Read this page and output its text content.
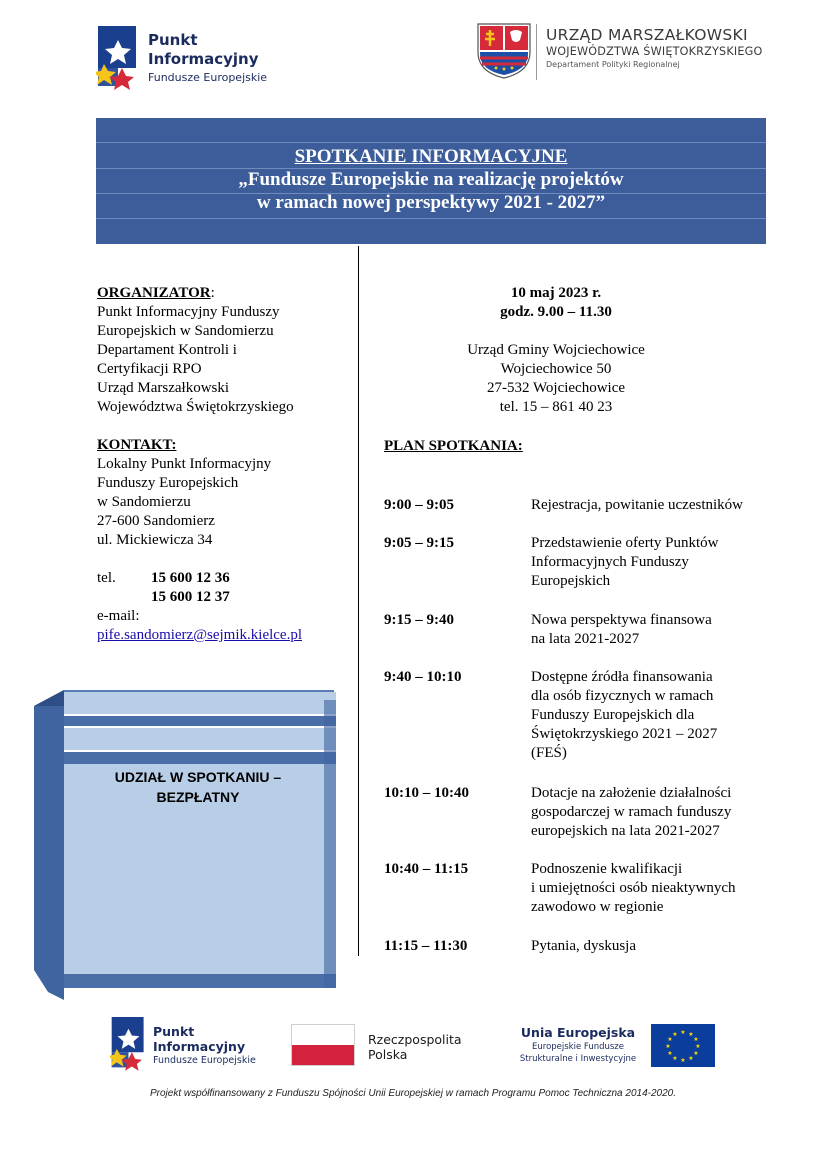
Punkt
Informacyjny
Fundusze Europejskie
URZĄD MARSZAŁKOWSKI
WOJEWÓDZTWA ŚWIĘTOKRZYSKIEGO
Departament Polityki Regionalnej
SPOTKANIE INFORMACYJNE
„Fundusze Europejskie na realizację projektów
w ramach nowej perspektywy 2021 - 2027”
ORGANIZATOR:
Punkt Informacyjny Funduszy
Europejskich w Sandomierzu
Departament Kontroli i
Certyfikacji RPO
Urząd Marszałkowski
Województwa Świętokrzyskiego
KONTAKT:
Lokalny Punkt Informacyjny
Funduszy Europejskich
w Sandomierzu
27-600 Sandomierz
ul. Mickiewicza 34
tel.	15 600 12 36
15 600 12 37
e-mail:
pife.sandomierz@sejmik.kielce.pl
UDZIAŁ W SPOTKANIU –
BEZPŁATNY
10 maj 2023 r.
godz. 9.00 – 11.30
Urząd Gminy Wojciechowice
Wojciechowice 50
27-532 Wojciechowice
tel. 15 – 861 40 23
PLAN SPOTKANIA:
9:00 – 9:05	Rejestracja, powitanie uczestników
9:05 – 9:15	Przedstawienie oferty Punktów
Informacyjnych Funduszy
Europejskich
9:15 – 9:40	Nowa perspektywa finansowa
na lata 2021-2027
9:40 – 10:10	Dostępne źródła finansowania
dla osób fizycznych w ramach
Funduszy Europejskich dla
Świętokrzyskiego 2021 – 2027
(FEŚ)
10:10 – 10:40	Dotacje na założenie działalności
gospodarczej w ramach funduszy
europejskich na lata 2021-2027
10:40 – 11:15	Podnoszenie kwalifikacji
i umiejętności osób nieaktywnych
zawodowo w regionie
11:15 – 11:30	Pytania, dyskusja
Punkt
Informacyjny
Fundusze Europejskie
Rzeczpospolita
Polska
Unia Europejska
Europejskie Fundusze
Strukturalne i Inwestycyjne
★ ★
★
★
★
★
★
★
★
★
★
★
Projekt współfinansowany z Funduszu Spójności Unii Europejskiej w ramach Programu Pomoc Techniczna 2014-2020.
